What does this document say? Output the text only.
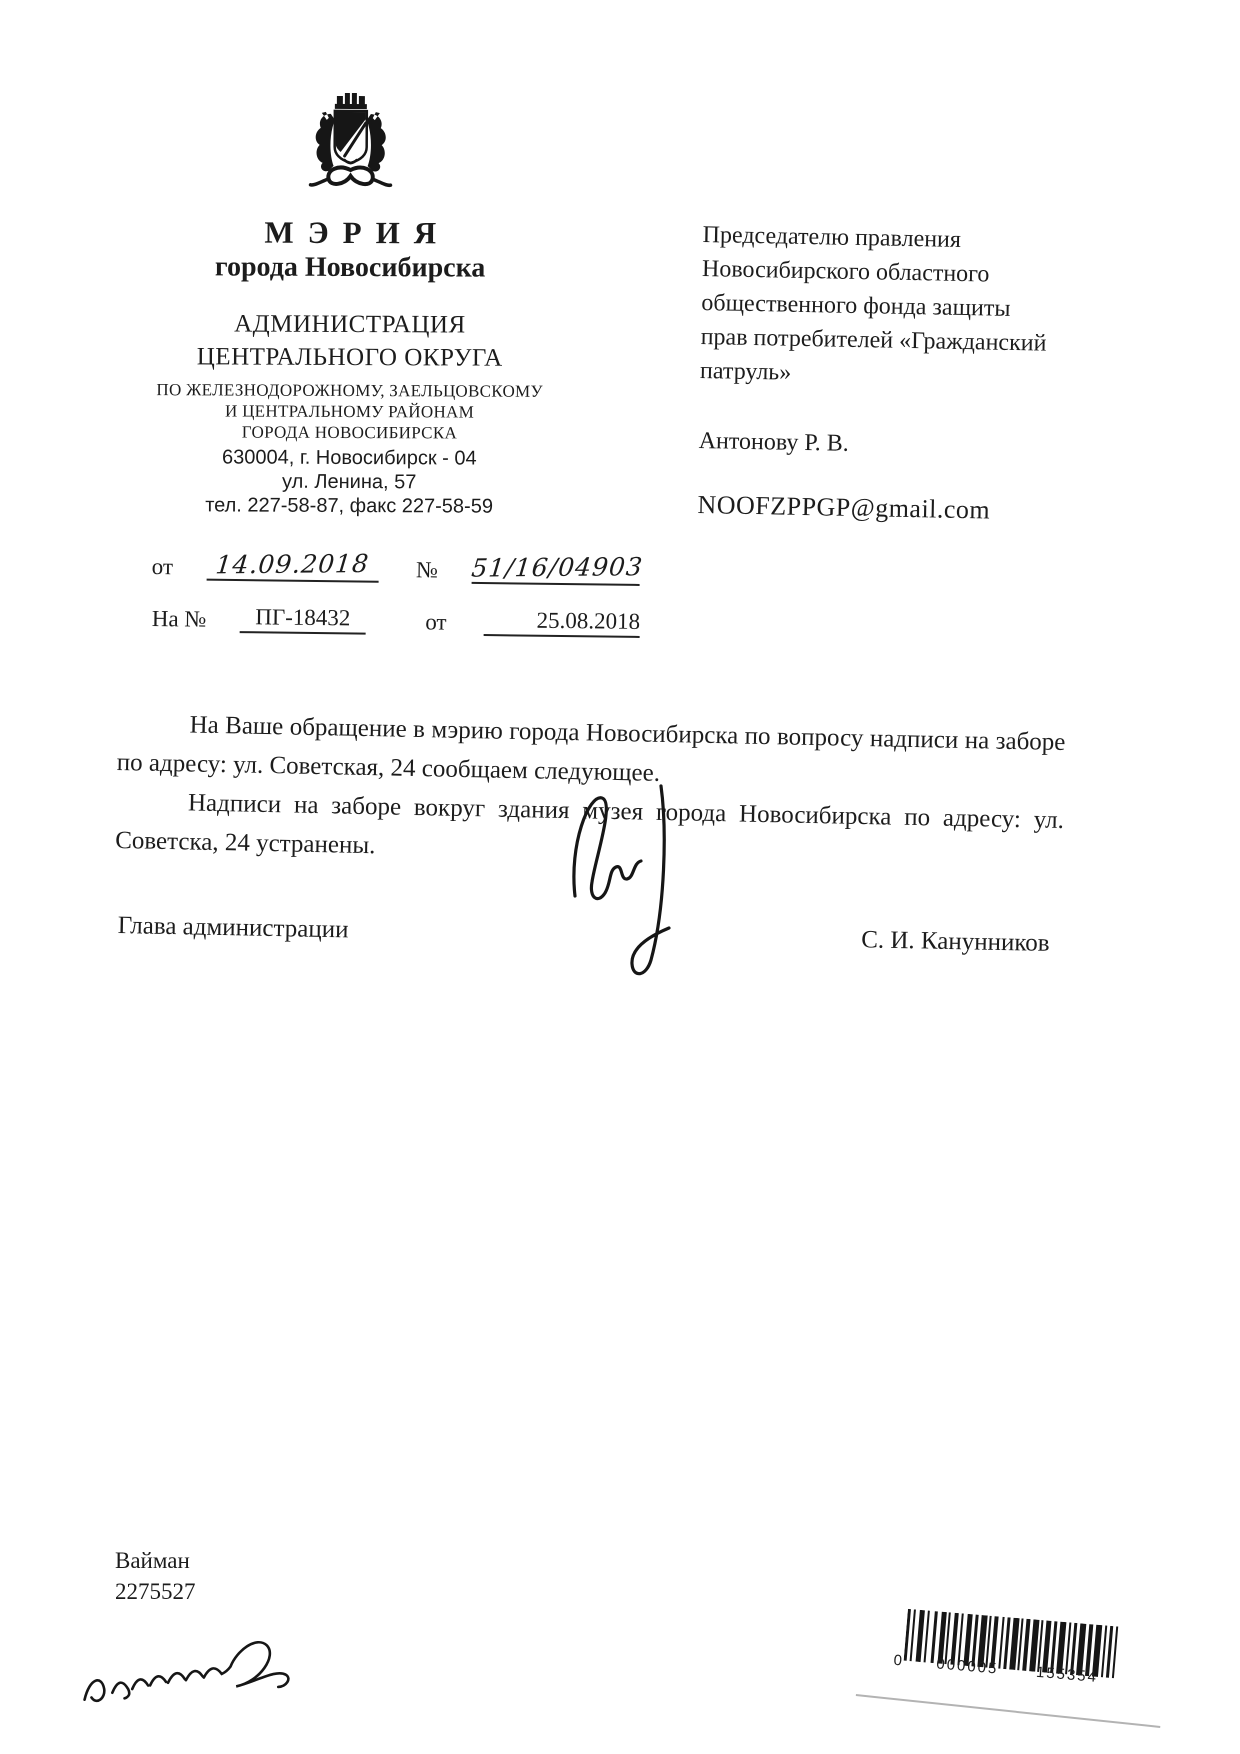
МЭРИЯ
города Новосибирска
АДМИНИСТРАЦИЯ
ЦЕНТРАЛЬНОГО ОКРУГА
ПО ЖЕЛЕЗНОДОРОЖНОМУ, ЗАЕЛЬЦОВСКОМУ
И ЦЕНТРАЛЬНОМУ РАЙОНАМ
ГОРОДА НОВОСИБИРСКА
630004, г. Новосибирск - 04
ул. Ленина, 57
тел. 227-58-87, факс 227-58-59
от 14.09.2018 № 51/16/04903
На № ПГ-18432	от	25.08.2018
Председателю правления
Новосибирского областного
общественного фонда защиты
прав потребителей «Гражданский
патруль»
Антонову Р. В.
NOOFZPPGP@gmail.com

На Ваше обращение в мэрию города Новосибирска по вопросу надписи на заборе по адресу: ул. Советская, 24 сообщаем следующее.

Надписи на заборе вокруг здания музея города Новосибирска по адресу: ул. Советска, 24 устранены.

Глава администрации	С. И. Канунников
Вайман
2275527
0	000005	155354
